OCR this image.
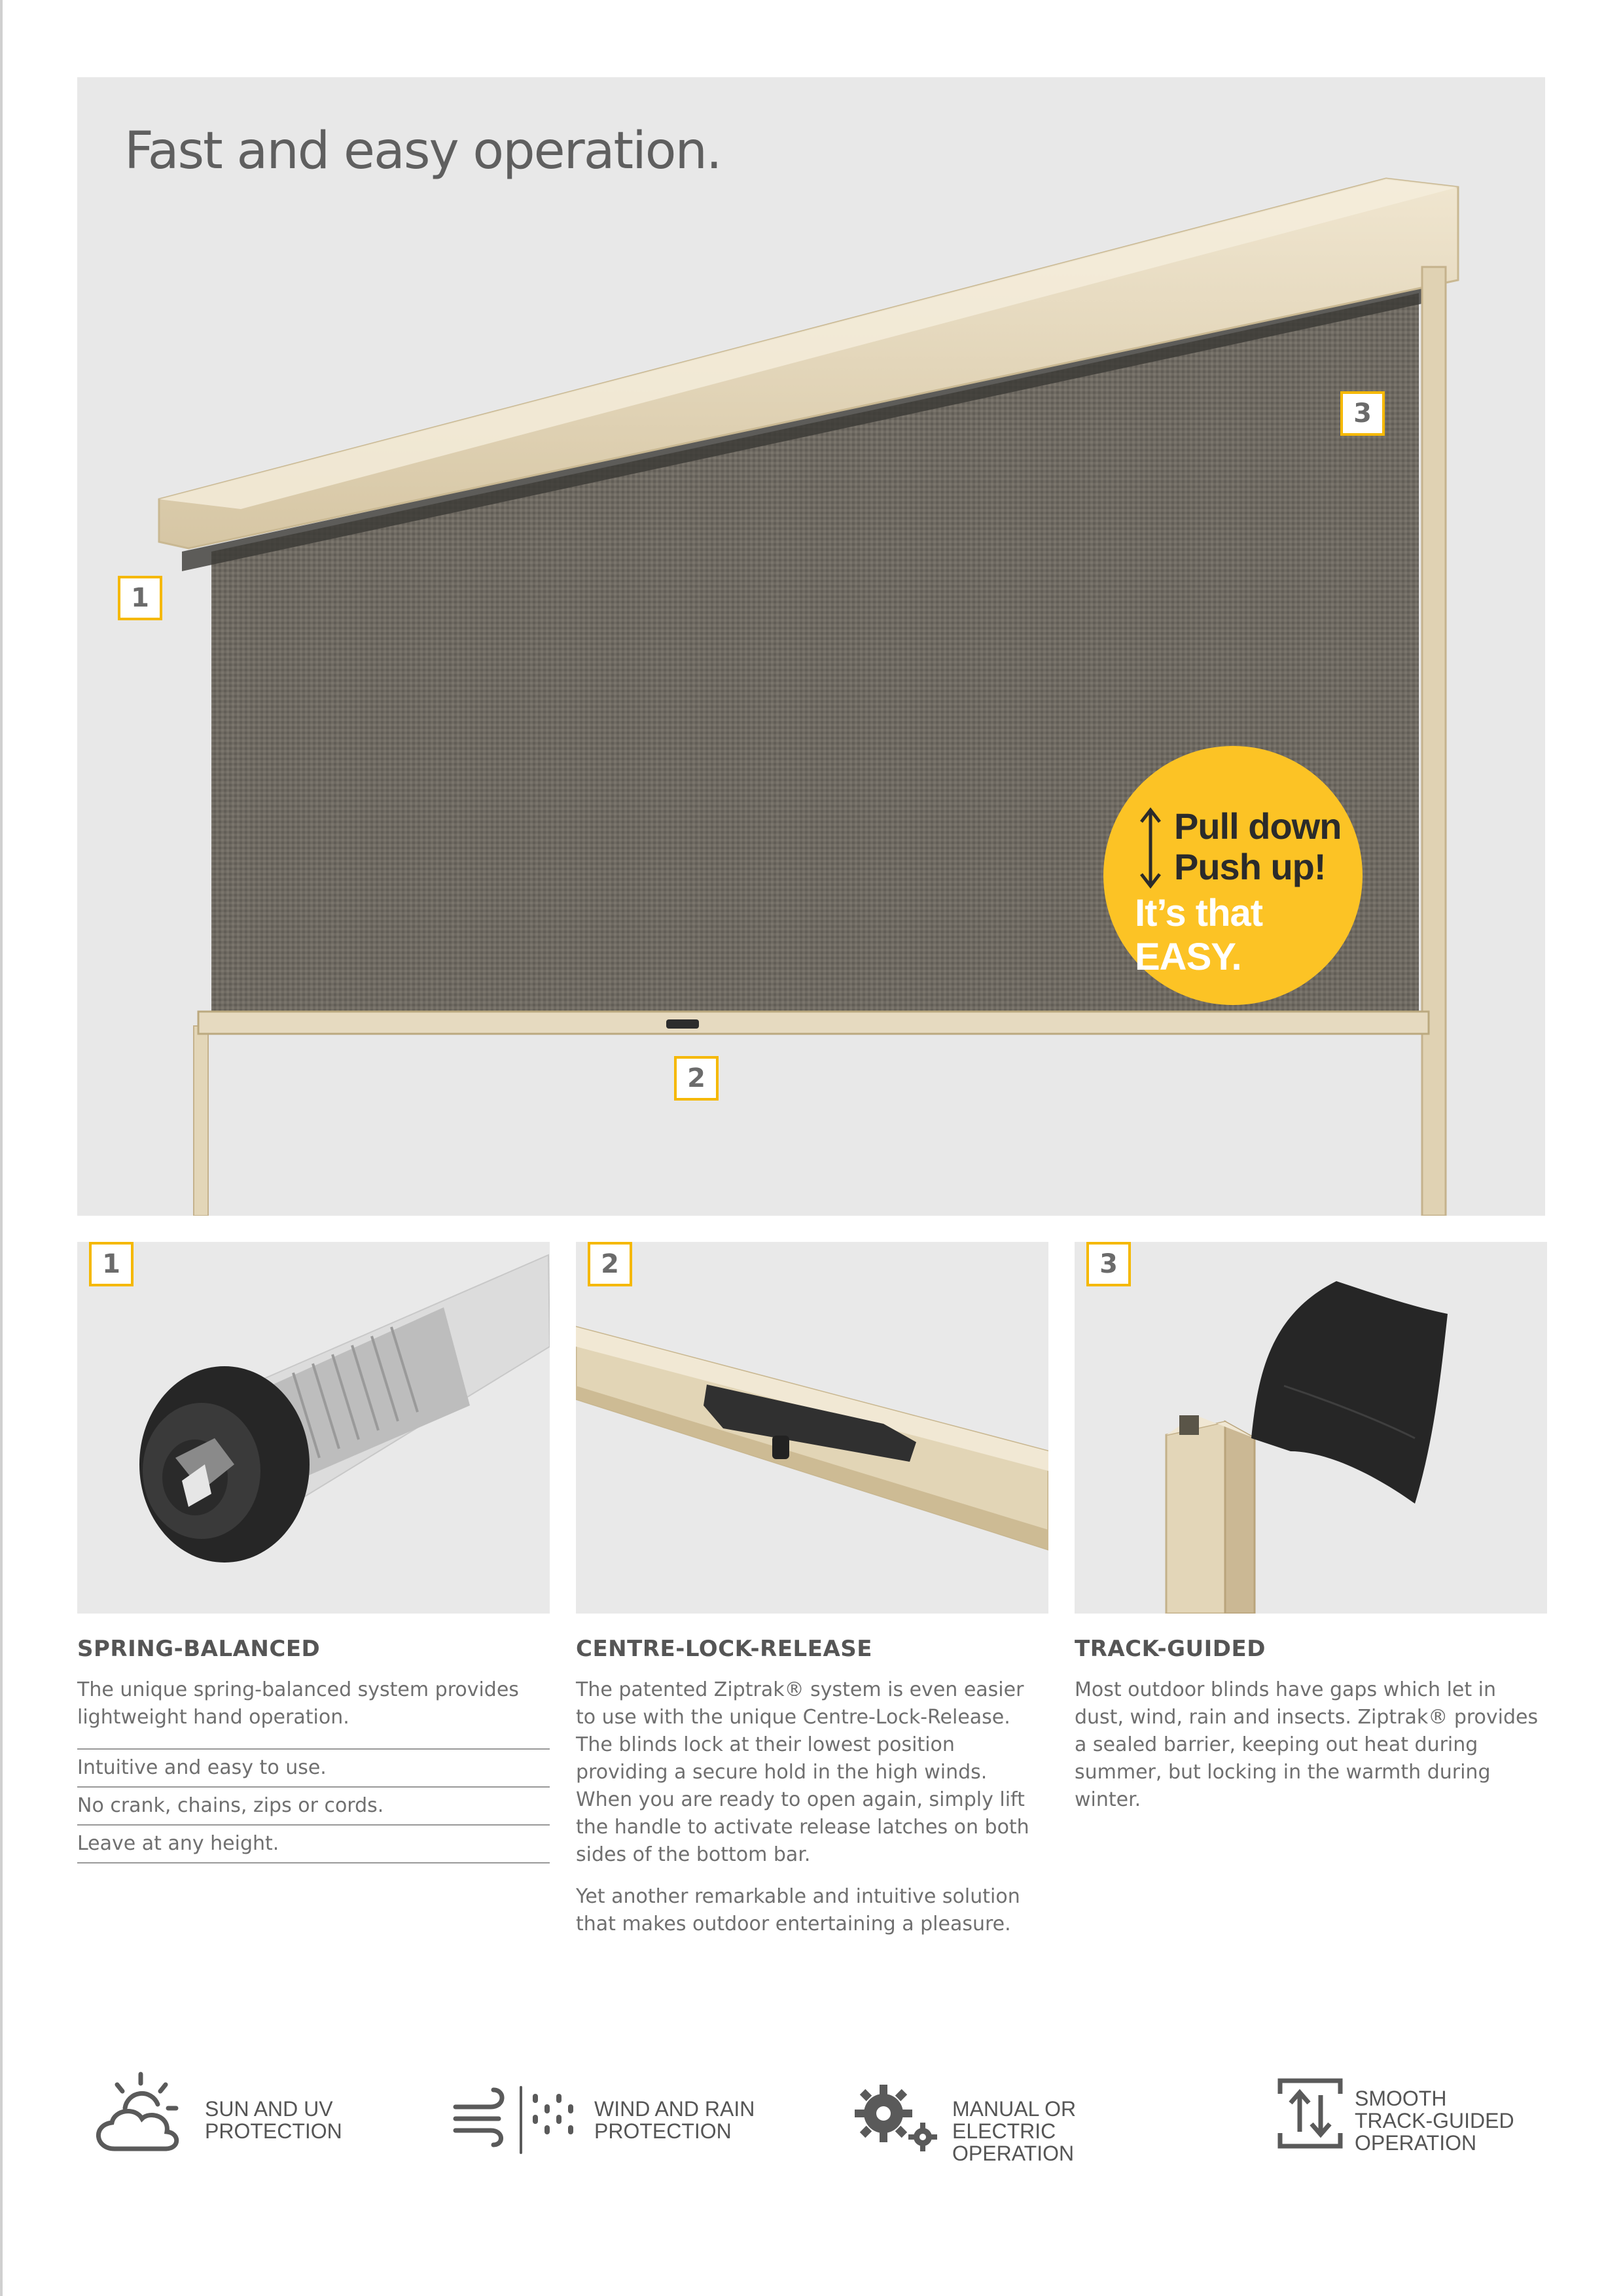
Fast and easy operation.
3
1
2
Pull down
Push up!
It’s that EASY.
1	2	3
SPRING-BALANCED

The unique spring-balanced system provides lightweight hand operation.

Intuitive and easy to use.
No crank, chains, zips or cords.
Leave at any height.
CENTRE-LOCK-RELEASE

The patented Ziptrak® system is even easier to use with the unique Centre-Lock-Release. The blinds lock at their lowest position providing a secure hold in the high winds. When you are ready to open again, simply lift the handle to activate release latches on both sides of the bottom bar.

Yet another remarkable and intuitive solution that makes outdoor entertaining a pleasure.

TRACK-GUIDED

Most outdoor blinds have gaps which let in dust, wind, rain and insects. Ziptrak® provides a sealed barrier, keeping out heat during summer, but locking in the warmth during winter.

SUN AND UV
PROTECTION
WIND AND RAIN
PROTECTION
MANUAL OR
ELECTRIC OPERATION
SMOOTH
TRACK-GUIDED
OPERATION
